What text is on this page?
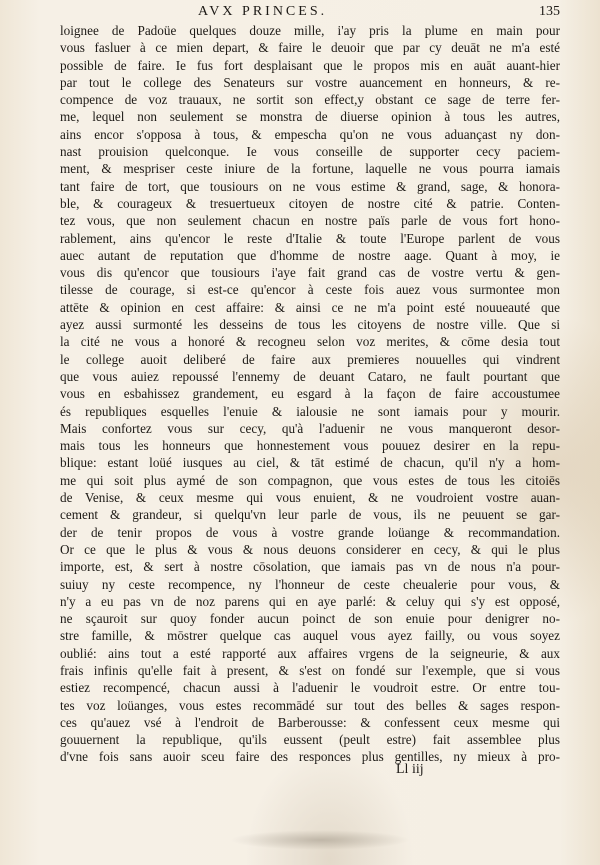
AVX PRINCES.	135
loignee de Padoüe quelques douze mille, i'ay pris la plume en main pour
vous fasluer à ce mien depart, & faire le deuoir que par cy deuāt ne m'a esté
possible de faire. Ie fus fort desplaisant que le propos mis en auāt auant-hier
par tout le college des Senateurs sur vostre auancement en honneurs, & re-
compence de voz trauaux, ne sortit son effect,y obstant ce sage de terre fer-
me, lequel non seulement se monstra de diuerse opinion à tous les autres,
ains encor s'opposa à tous, & empescha qu'on ne vous aduançast ny don-
nast prouision quelconque. Ie vous conseille de supporter cecy paciem-
ment, & mespriser ceste iniure de la fortune, laquelle ne vous pourra iamais
tant faire de tort, que tousiours on ne vous estime & grand, sage, & honora-
ble, & courageux & tresuertueux citoyen de nostre cité & patrie. Conten-
tez vous, que non seulement chacun en nostre païs parle de vous fort hono-
rablement, ains qu'encor le reste d'Italie & toute l'Europe parlent de vous
auec autant de reputation que d'homme de nostre aage. Quant à moy, ie
vous dis qu'encor que tousiours i'aye fait grand cas de vostre vertu & gen-
tilesse de courage, si est-ce qu'encor à ceste fois auez vous surmontee mon
attēte & opinion en cest affaire: & ainsi ce ne m'a point esté nouueauté que
ayez aussi surmonté les desseins de tous les citoyens de nostre ville. Que si
la cité ne vous a honoré & recogneu selon voz merites, & cōme desia tout
le college auoit deliberé de faire aux premieres nouuelles qui vindrent
que vous auiez repoussé l'ennemy de deuant Cataro, ne fault pourtant que
vous en esbahissez grandement, eu esgard à la façon de faire accoustumee
és republiques esquelles l'enuie & ialousie ne sont iamais pour y mourir.
Mais confortez vous sur cecy, qu'à l'aduenir ne vous manqueront desor-
mais tous les honneurs que honnestement vous pouuez desirer en la repu-
blique: estant loüé iusques au ciel, & tāt estimé de chacun, qu'il n'y a hom-
me qui soit plus aymé de son compagnon, que vous estes de tous les citoiēs
de Venise, & ceux mesme qui vous enuient, & ne voudroient vostre auan-
cement & grandeur, si quelqu'vn leur parle de vous, ils ne peuuent se gar-
der de tenir propos de vous à vostre grande loüange & recommandation.
Or ce que le plus & vous & nous deuons considerer en cecy, & qui le plus
importe, est, & sert à nostre cōsolation, que iamais pas vn de nous n'a pour-
suiuy ny ceste recompence, ny l'honneur de ceste cheualerie pour vous, &
n'y a eu pas vn de noz parens qui en aye parlé: & celuy qui s'y est opposé,
ne sçauroit sur quoy fonder aucun poinct de son enuie pour denigrer no-
stre famille, & mōstrer quelque cas auquel vous ayez failly, ou vous soyez
oublié: ains tout a esté rapporté aux affaires vrgens de la seigneurie, & aux
frais infinis qu'elle fait à present, & s'est on fondé sur l'exemple, que si vous
estiez recompencé, chacun aussi à l'aduenir le voudroit estre. Or entre tou-
tes voz loüanges, vous estes recommādé sur tout des belles & sages respon-
ces qu'auez vsé à l'endroit de Barberousse: & confessent ceux mesme qui
gouuernent la republique, qu'ils eussent (peult estre) fait assemblee plus
d'vne fois sans auoir sceu faire des responces plus gentilles, ny mieux à pro-
Ll iij
